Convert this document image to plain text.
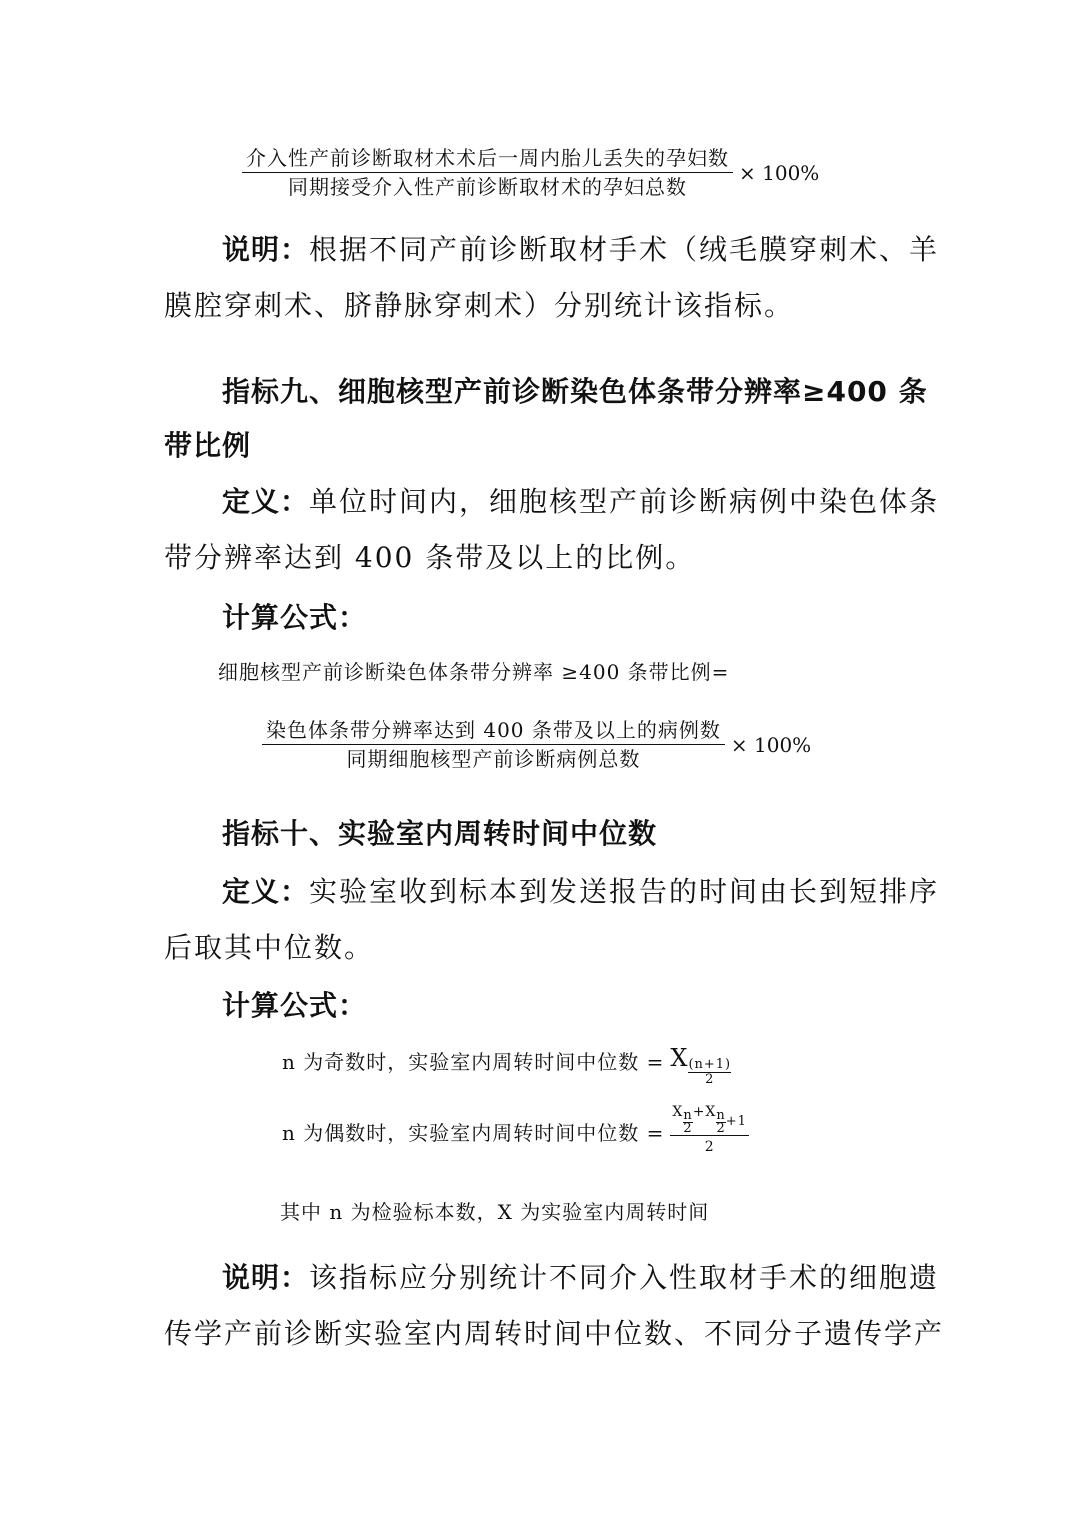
$\frac{\text{介入性产前诊断取材术术后一周内胎儿丢失的孕妇数}}{\text{同期接受介入性产前诊断取材术的孕妇总数}} \times 100\%$
说明：根据不同产前诊断取材手术（绒毛膜穿刺术、羊
膜腔穿刺术、脐静脉穿刺术）分别统计该指标。
指标九、细胞核型产前诊断染色体条带分辨率≥400 条
带比例
定义：单位时间内，细胞核型产前诊断病例中染色体条
带分辨率达到 400 条带及以上的比例。
计算公式：
细胞核型产前诊断染色体条带分辨率 ≥400 条带比例=
$\frac{\text{染色体条带分辨率达到 400 条带及以上的病例数}}{\text{同期细胞核型产前诊断病例总数}} \times 100\%$
指标十、实验室内周转时间中位数
定义：实验室收到标本到发送报告的时间由长到短排序
后取其中位数。
计算公式：
n 为奇数时，实验室内周转时间中位数 = X $\frac{(n+1)}{2}$
n 为偶数时，实验室内周转时间中位数 =
X $\frac{n}{2} +X \frac{n}{2} +1$
2
其中 n 为检验标本数，X 为实验室内周转时间
说明：该指标应分别统计不同介入性取材手术的细胞遗
传学产前诊断实验室内周转时间中位数、不同分子遗传学产
